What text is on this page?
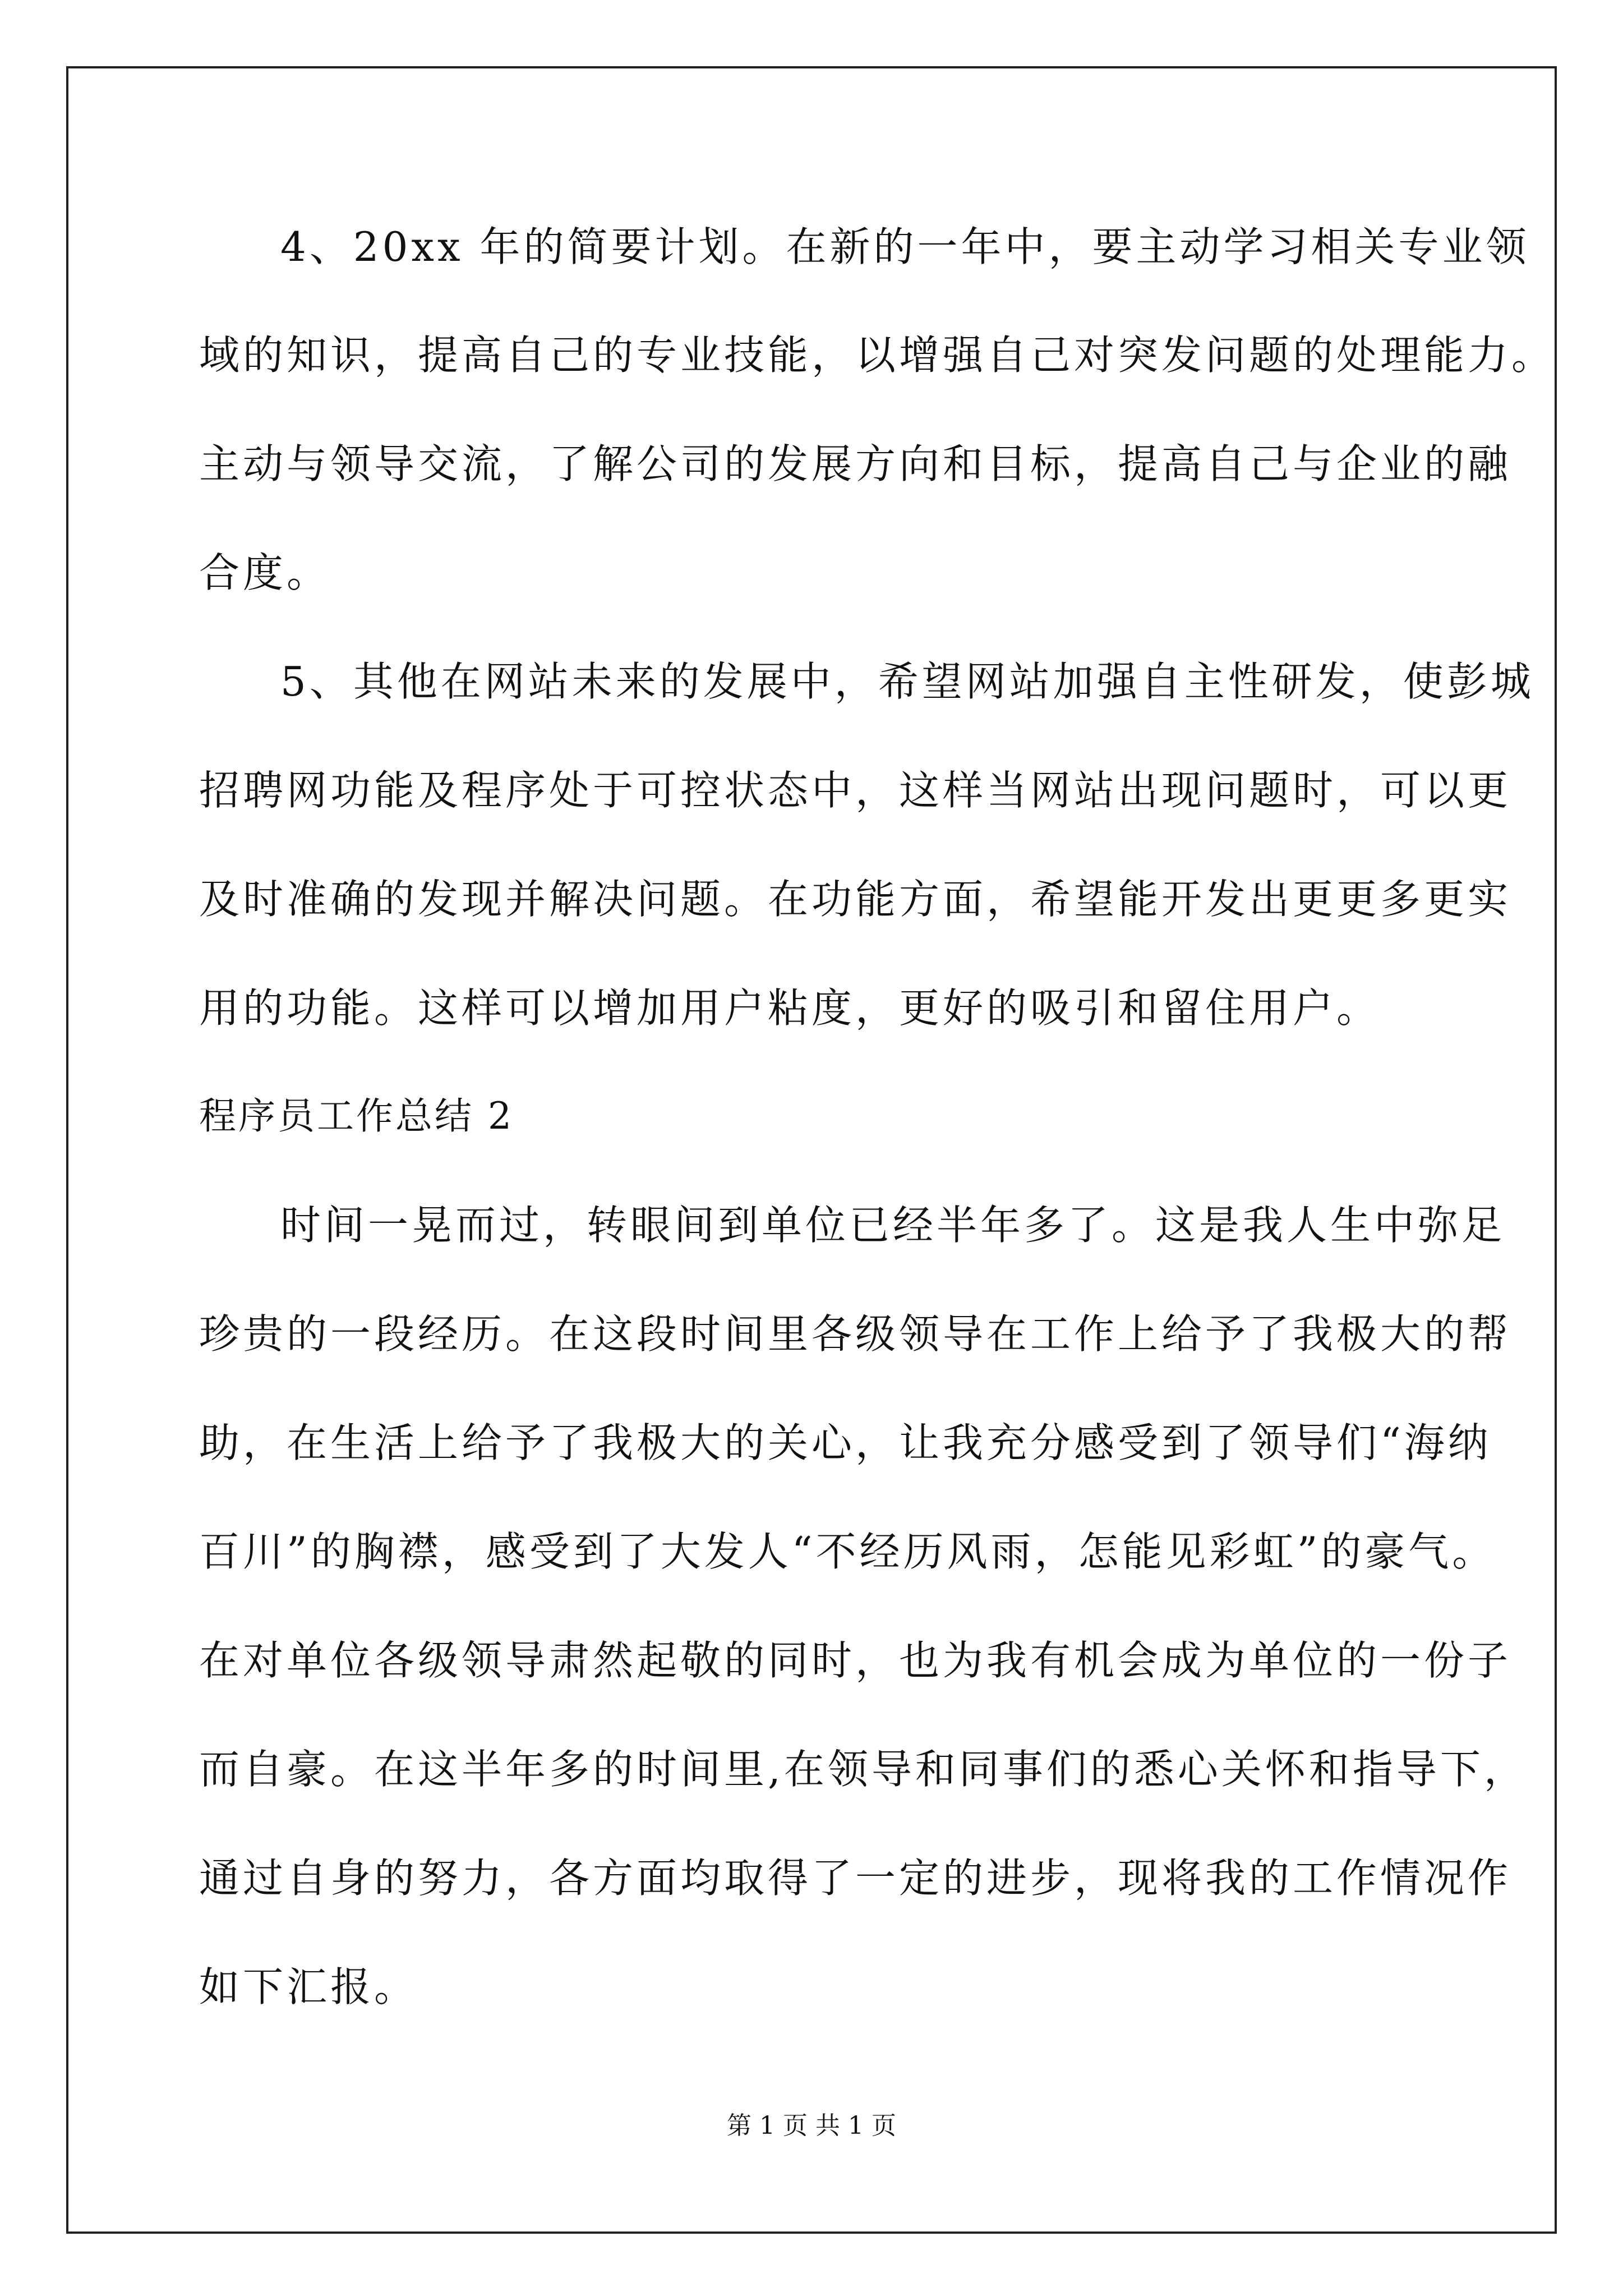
4、20xx 年的简要计划。在新的一年中，要主动学习相关专业领
域的知识，提高自己的专业技能，以增强自己对突发问题的处理能力。
主动与领导交流，了解公司的发展方向和目标，提高自己与企业的融
合度。
5、其他在网站未来的发展中，希望网站加强自主性研发，使彭城
招聘网功能及程序处于可控状态中，这样当网站出现问题时，可以更
及时准确的发现并解决问题。在功能方面，希望能开发出更更多更实
用的功能。这样可以增加用户粘度，更好的吸引和留住用户。
程序员工作总结 2
时间一晃而过，转眼间到单位已经半年多了。这是我人生中弥足
珍贵的一段经历。在这段时间里各级领导在工作上给予了我极大的帮
助，在生活上给予了我极大的关心，让我充分感受到了领导们“海纳
百川”的胸襟，感受到了大发人“不经历风雨，怎能见彩虹”的豪气。
在对单位各级领导肃然起敬的同时，也为我有机会成为单位的一份子
而自豪。在这半年多的时间里,在领导和同事们的悉心关怀和指导下，
通过自身的努力，各方面均取得了一定的进步，现将我的工作情况作
如下汇报。
第 1 页 共 1 页
